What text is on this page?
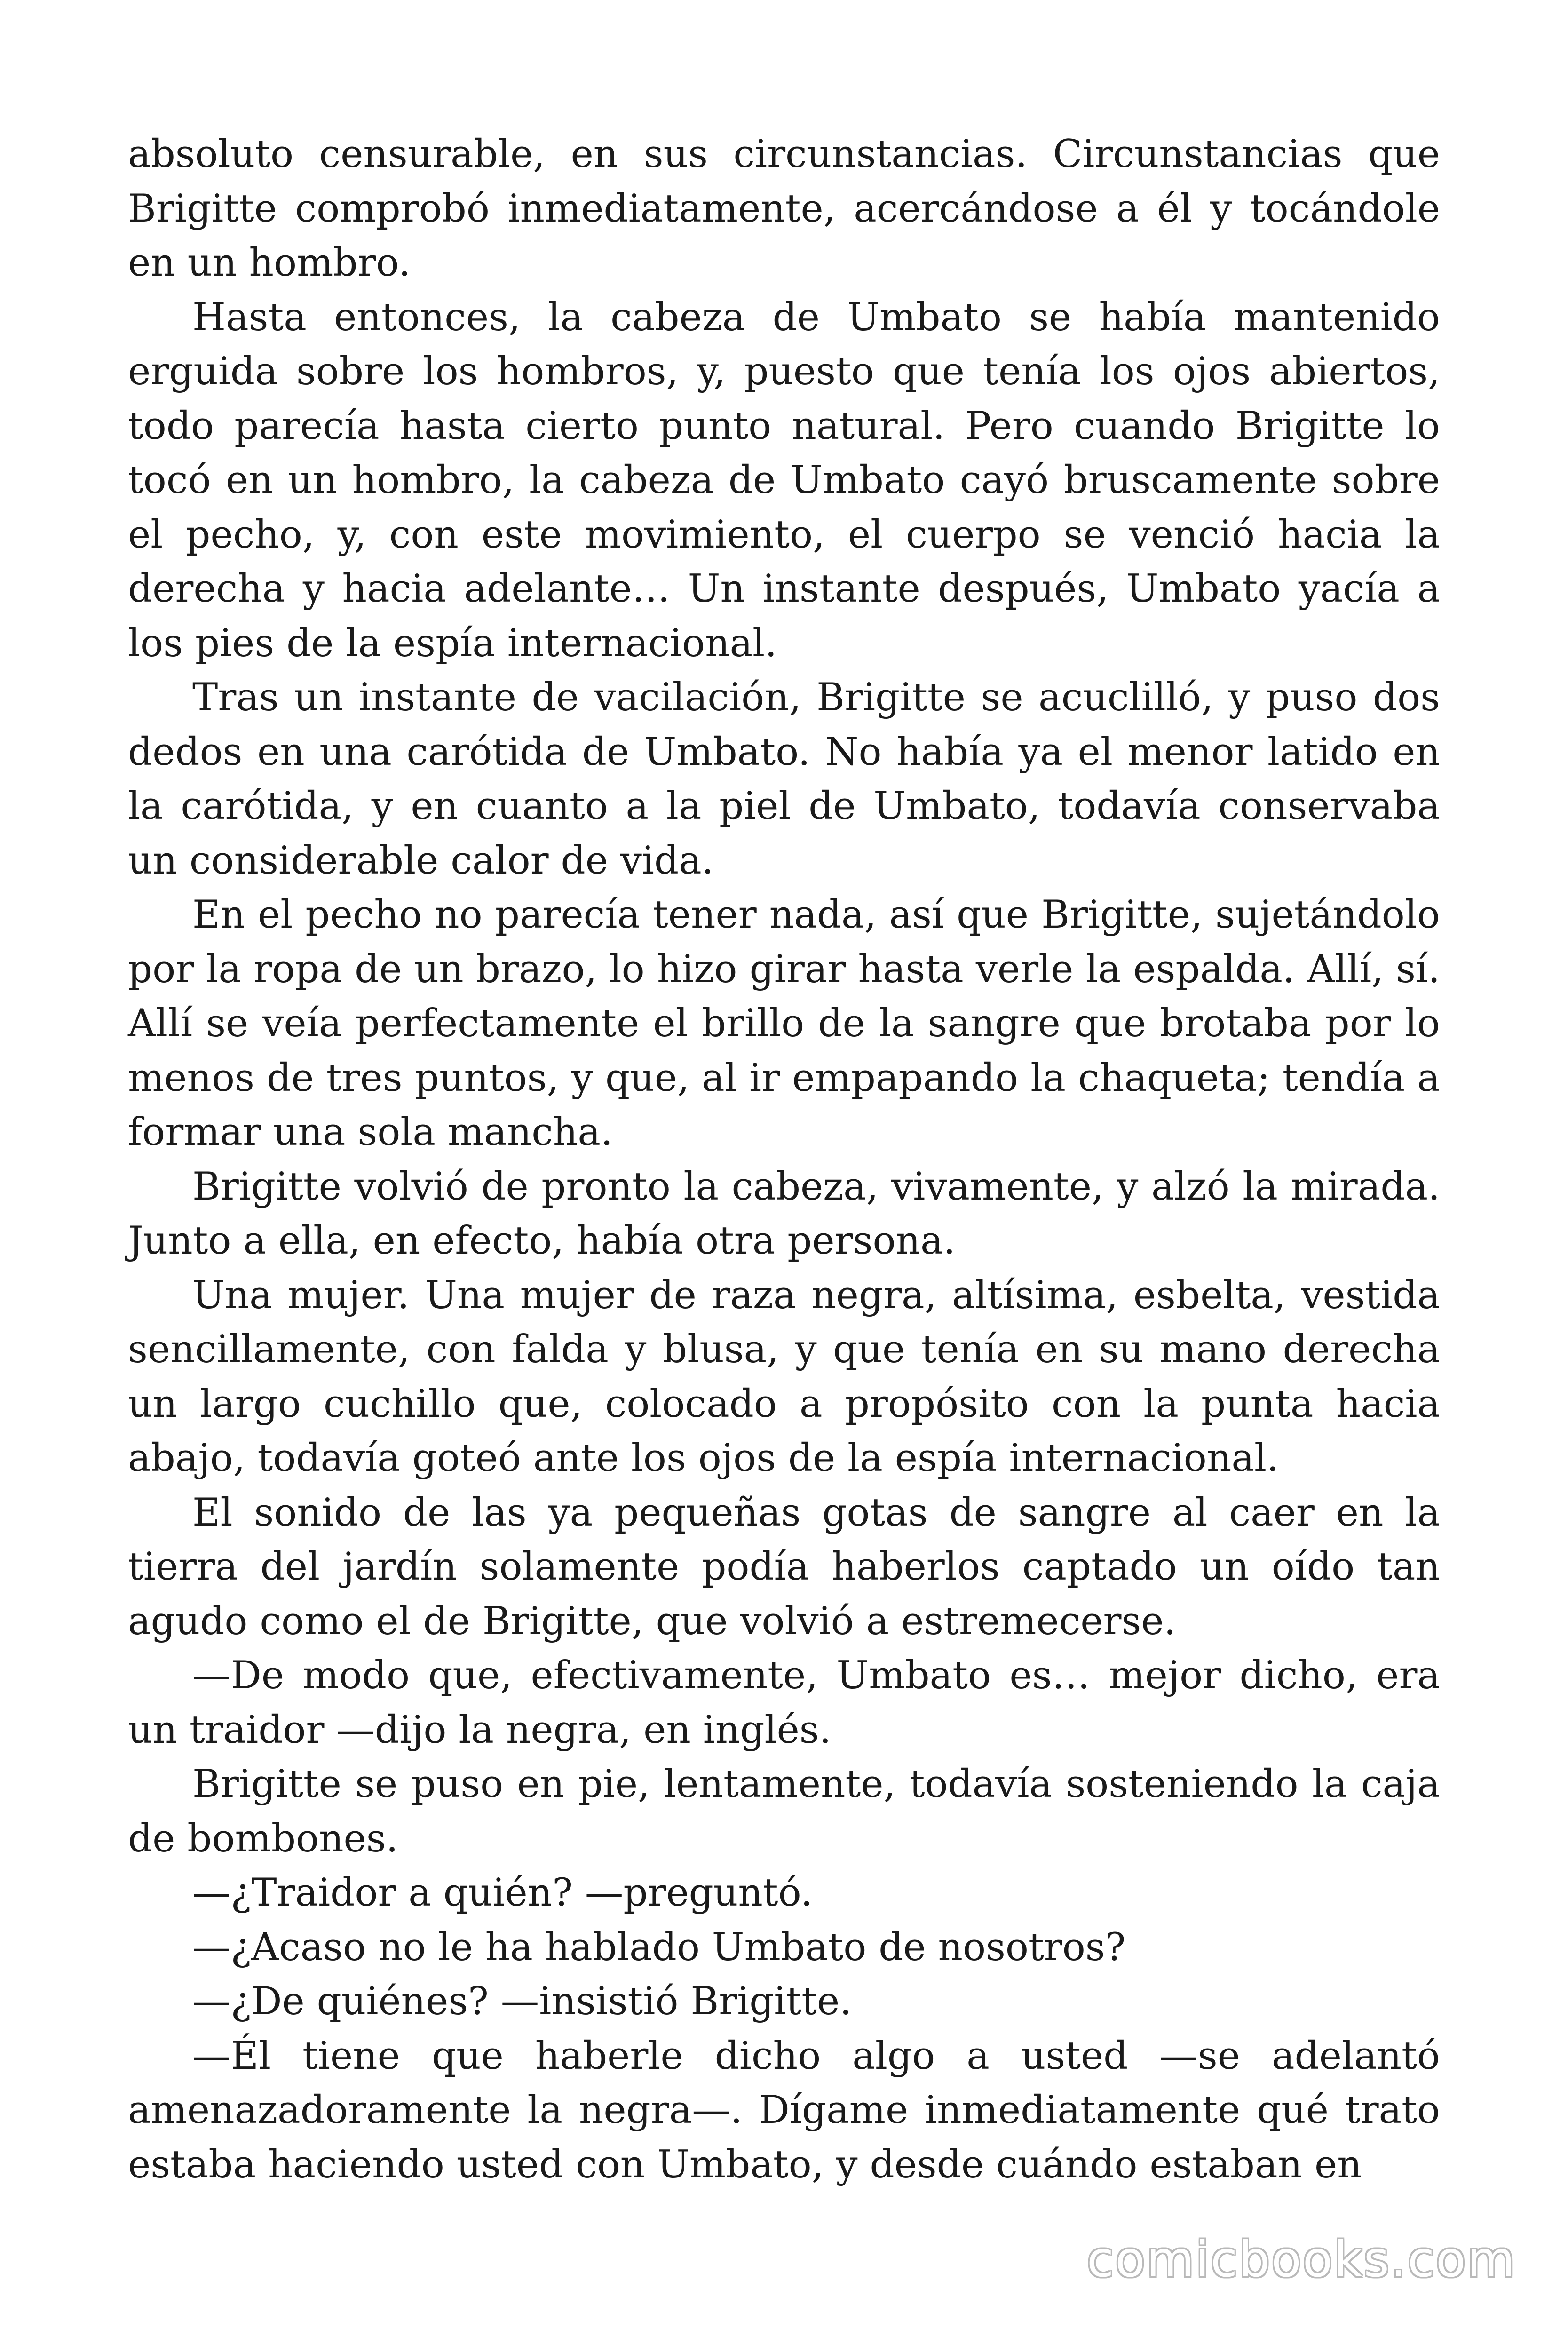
absoluto censurable, en sus circunstancias. Circunstancias que Brigitte comprobó inmediatamente, acercándose a él y tocándole en un hombro.

Hasta entonces, la cabeza de Umbato se había mantenido erguida sobre los hombros, y, puesto que tenía los ojos abiertos, todo parecía hasta cierto punto natural. Pero cuando Brigitte lo tocó en un hombro, la cabeza de Umbato cayó bruscamente sobre el pecho, y, con este movimiento, el cuerpo se venció hacia la derecha y hacia adelante… Un instante después, Umbato yacía a los pies de la espía internacional.

Tras un instante de vacilación, Brigitte se acuclilló, y puso dos dedos en una carótida de Umbato. No había ya el menor latido en la carótida, y en cuanto a la piel de Umbato, todavía conservaba un considerable calor de vida.

En el pecho no parecía tener nada, así que Brigitte, sujetándolo por la ropa de un brazo, lo hizo girar hasta verle la espalda. Allí, sí. Allí se veía perfectamente el brillo de la sangre que brotaba por lo menos de tres puntos, y que, al ir empapando la chaqueta; tendía a formar una sola mancha.

Brigitte volvió de pronto la cabeza, vivamente, y alzó la mirada. Junto a ella, en efecto, había otra persona.

Una mujer. Una mujer de raza negra, altísima, esbelta, vestida sencillamente, con falda y blusa, y que tenía en su mano derecha un largo cuchillo que, colocado a propósito con la punta hacia abajo, todavía goteó ante los ojos de la espía internacional.

El sonido de las ya pequeñas gotas de sangre al caer en la tierra del jardín solamente podía haberlos captado un oído tan agudo como el de Brigitte, que volvió a estremecerse.

—De modo que, efectivamente, Umbato es… mejor dicho, era un traidor —dijo la negra, en inglés.

Brigitte se puso en pie, lentamente, todavía sosteniendo la caja de bombones.

—¿Traidor a quién? —preguntó.

—¿Acaso no le ha hablado Umbato de nosotros?

—¿De quiénes? —insistió Brigitte.

—Él tiene que haberle dicho algo a usted —se adelantó amenazadoramente la negra—. Dígame inmediatamente qué trato estaba haciendo usted con Umbato, y desde cuándo estaban en

comicbooks.com
